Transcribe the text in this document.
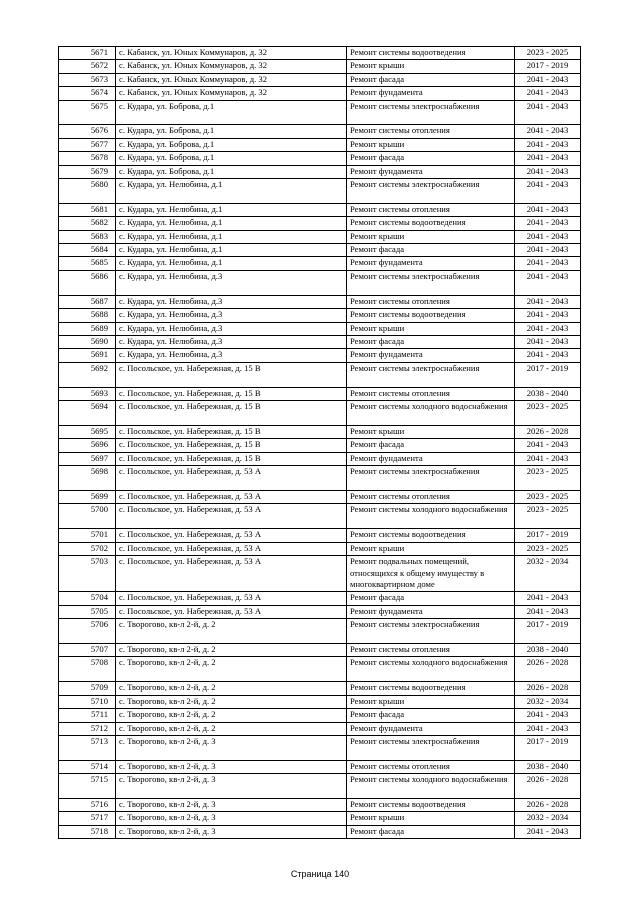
5671	с. Кабанск, ул. Юных Коммунаров, д. 32	Ремонт системы водоотведения	2023 - 2025
5672	с. Кабанск, ул. Юных Коммунаров, д. 32	Ремонт крыши	2017 - 2019
5673	с. Кабанск, ул. Юных Коммунаров, д. 32	Ремонт фасада	2041 - 2043
5674	с. Кабанск, ул. Юных Коммунаров, д. 32	Ремонт фундамента	2041 - 2043
5675	с. Кудара, ул. Боброва, д.1	Ремонт системы электроснабжения	2041 - 2043
5676	с. Кудара, ул. Боброва, д.1	Ремонт системы отопления	2041 - 2043
5677	с. Кудара, ул. Боброва, д.1	Ремонт крыши	2041 - 2043
5678	с. Кудара, ул. Боброва, д.1	Ремонт фасада	2041 - 2043
5679	с. Кудара, ул. Боброва, д.1	Ремонт фундамента	2041 - 2043
5680	с. Кудара, ул. Нелюбина, д.1	Ремонт системы электроснабжения	2041 - 2043
5681	с. Кудара, ул. Нелюбина, д.1	Ремонт системы отопления	2041 - 2043
5682	с. Кудара, ул. Нелюбина, д.1	Ремонт системы водоотведения	2041 - 2043
5683	с. Кудара, ул. Нелюбина, д.1	Ремонт крыши	2041 - 2043
5684	с. Кудара, ул. Нелюбина, д.1	Ремонт фасада	2041 - 2043
5685	с. Кудара, ул. Нелюбина, д.1	Ремонт фундамента	2041 - 2043
5686	с. Кудара, ул. Нелюбина, д.3	Ремонт системы электроснабжения	2041 - 2043
5687	с. Кудара, ул. Нелюбина, д.3	Ремонт системы отопления	2041 - 2043
5688	с. Кудара, ул. Нелюбина, д.3	Ремонт системы водоотведения	2041 - 2043
5689	с. Кудара, ул. Нелюбина, д.3	Ремонт крыши	2041 - 2043
5690	с. Кудара, ул. Нелюбина, д.3	Ремонт фасада	2041 - 2043
5691	с. Кудара, ул. Нелюбина, д.3	Ремонт фундамента	2041 - 2043
5692	с. Посольское, ул. Набережная, д. 15 В	Ремонт системы электроснабжения	2017 - 2019
5693	с. Посольское, ул. Набережная, д. 15 В	Ремонт системы отопления	2038 - 2040
5694	с. Посольское, ул. Набережная, д. 15 В	Ремонт системы холодного водоснабжения	2023 - 2025
5695	с. Посольское, ул. Набережная, д. 15 В	Ремонт крыши	2026 - 2028
5696	с. Посольское, ул. Набережная, д. 15 В	Ремонт фасада	2041 - 2043
5697	с. Посольское, ул. Набережная, д. 15 В	Ремонт фундамента	2041 - 2043
5698	с. Посольское, ул. Набережная, д. 53 А	Ремонт системы электроснабжения	2023 - 2025
5699	с. Посольское, ул. Набережная, д. 53 А	Ремонт системы отопления	2023 - 2025
5700	с. Посольское, ул. Набережная, д. 53 А	Ремонт системы холодного водоснабжения	2023 - 2025
5701	с. Посольское, ул. Набережная, д. 53 А	Ремонт системы водоотведения	2017 - 2019
5702	с. Посольское, ул. Набережная, д. 53 А	Ремонт крыши	2023 - 2025
5703	с. Посольское, ул. Набережная, д. 53 А	Ремонт подвальных помещений, относящихся к общему имуществу в многоквартирном доме	2032 - 2034
5704	с. Посольское, ул. Набережная, д. 53 А	Ремонт фасада	2041 - 2043
5705	с. Посольское, ул. Набережная, д. 53 А	Ремонт фундамента	2041 - 2043
5706	с. Творогово, кв-л 2-й, д. 2	Ремонт системы электроснабжения	2017 - 2019
5707	с. Творогово, кв-л 2-й, д. 2	Ремонт системы отопления	2038 - 2040
5708	с. Творогово, кв-л 2-й, д. 2	Ремонт системы холодного водоснабжения	2026 - 2028
5709	с. Творогово, кв-л 2-й, д. 2	Ремонт системы водоотведения	2026 - 2028
5710	с. Творогово, кв-л 2-й, д. 2	Ремонт крыши	2032 - 2034
5711	с. Творогово, кв-л 2-й, д. 2	Ремонт фасада	2041 - 2043
5712	с. Творогово, кв-л 2-й, д. 2	Ремонт фундамента	2041 - 2043
5713	с. Творогово, кв-л 2-й, д. 3	Ремонт системы электроснабжения	2017 - 2019
5714	с. Творогово, кв-л 2-й, д. 3	Ремонт системы отопления	2038 - 2040
5715	с. Творогово, кв-л 2-й, д. 3	Ремонт системы холодного водоснабжения	2026 - 2028
5716	с. Творогово, кв-л 2-й, д. 3	Ремонт системы водоотведения	2026 - 2028
5717	с. Творогово, кв-л 2-й, д. 3	Ремонт крыши	2032 - 2034
5718	с. Творогово, кв-л 2-й, д. 3	Ремонт фасада	2041 - 2043
Страница 140
